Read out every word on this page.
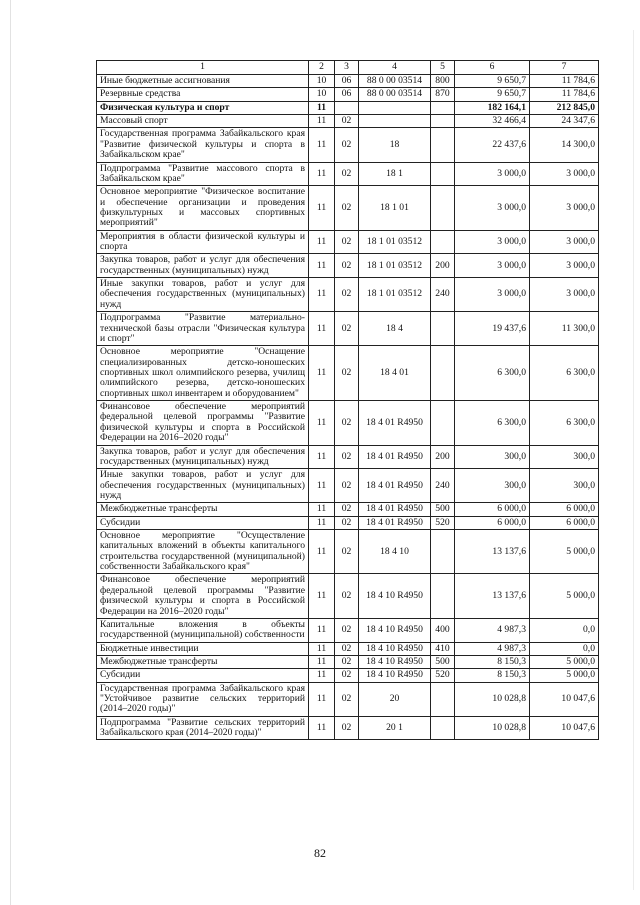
1	2	3	4	5	6	7
Иные бюджетные ассигнования	10	06	88 0 00 03514	800	9 650,7	11 784,6
Резервные средства	10	06	88 0 00 03514	870	9 650,7	11 784,6
Физическая культура и спорт	11				182 164,1	212 845,0
Массовый спорт	11	02			32 466,4	24 347,6
Государственная программа Забайкальского края "Развитие физической культуры и спорта в Забайкальском крае"	11	02	18		22 437,6	14 300,0
Подпрограмма "Развитие массового спорта в Забайкальском крае"	11	02	18 1		3 000,0	3 000,0
Основное мероприятие "Физическое воспитание и обеспечение организации и проведения физкультурных и массовых спортивных мероприятий"	11	02	18 1 01		3 000,0	3 000,0
Мероприятия в области физической культуры и спорта	11	02	18 1 01 03512		3 000,0	3 000,0
Закупка товаров, работ и услуг для обеспечения государственных (муниципальных) нужд	11	02	18 1 01 03512	200	3 000,0	3 000,0
Иные закупки товаров, работ и услуг для обеспечения государственных (муниципальных) нужд	11	02	18 1 01 03512	240	3 000,0	3 000,0
Подпрограмма "Развитие материально-технической базы отрасли "Физическая культура и спорт"	11	02	18 4		19 437,6	11 300,0
Основное мероприятие "Оснащение специализированных детско-юношеских спортивных школ олимпийского резерва, училищ олимпийского резерва, детско-юношеских спортивных школ инвентарем и оборудованием"	11	02	18 4 01		6 300,0	6 300,0
Финансовое обеспечение мероприятий федеральной целевой программы "Развитие физической культуры и спорта в Российской Федерации на 2016–2020 годы"	11	02	18 4 01 R4950		6 300,0	6 300,0
Закупка товаров, работ и услуг для обеспечения государственных (муниципальных) нужд	11	02	18 4 01 R4950	200	300,0	300,0
Иные закупки товаров, работ и услуг для обеспечения государственных (муниципальных) нужд	11	02	18 4 01 R4950	240	300,0	300,0
Межбюджетные трансферты	11	02	18 4 01 R4950	500	6 000,0	6 000,0
Субсидии	11	02	18 4 01 R4950	520	6 000,0	6 000,0
Основное мероприятие "Осуществление капитальных вложений в объекты капитального строительства государственной (муниципальной) собственности Забайкальского края"	11	02	18 4 10		13 137,6	5 000,0
Финансовое обеспечение мероприятий федеральной целевой программы "Развитие физической культуры и спорта в Российской Федерации на 2016–2020 годы"	11	02	18 4 10 R4950		13 137,6	5 000,0
Капитальные вложения в объекты государственной (муниципальной) собственности	11	02	18 4 10 R4950	400	4 987,3	0,0
Бюджетные инвестиции	11	02	18 4 10 R4950	410	4 987,3	0,0
Межбюджетные трансферты	11	02	18 4 10 R4950	500	8 150,3	5 000,0
Субсидии	11	02	18 4 10 R4950	520	8 150,3	5 000,0
Государственная программа Забайкальского края "Устойчивое развитие сельских территорий (2014–2020 годы)"	11	02	20		10 028,8	10 047,6
Подпрограмма "Развитие сельских территорий Забайкальского края (2014–2020 годы)"	11	02	20 1		10 028,8	10 047,6
82
